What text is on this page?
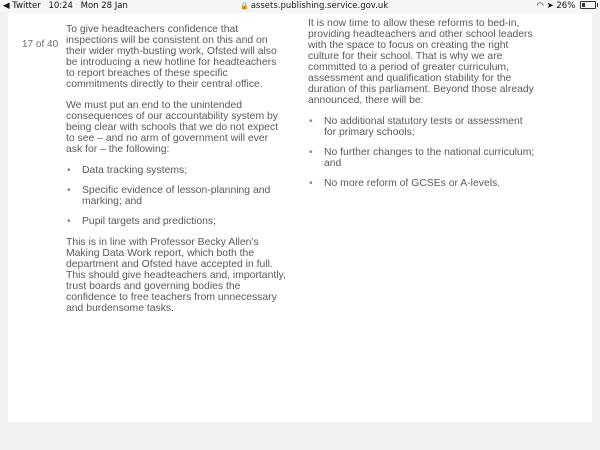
◀ Twitter 10:24 Mon 28 Jan	🔒 assets.publishing.service.gov.uk	◠ ➤ 26%
17 of 40

To give headteachers confidence that inspections will be consistent on this and on their wider myth-busting work, Ofsted will also be introducing a new hotline for headteachers to report breaches of these specific commitments directly to their central office.

We must put an end to the unintended consequences of our accountability system by being clear with schools that we do not expect to see – and no arm of government will ever ask for – the following:

• Data tracking systems;
• Specific evidence of lesson-planning and marking; and
• Pupil targets and predictions;

This is in line with Professor Becky Allen’s Making Data Work report, which both the department and Ofsted have accepted in full. This should give headteachers and, importantly, trust boards and governing bodies the confidence to free teachers from unnecessary and burdensome tasks.

It is now time to allow these reforms to bed-in, providing headteachers and other school leaders with the space to focus on creating the right culture for their school. That is why we are committed to a period of greater curriculum, assessment and qualification stability for the duration of this parliament. Beyond those already announced, there will be:

• No additional statutory tests or assessment for primary schools;
• No further changes to the national curriculum; and
• No more reform of GCSEs or A-levels.
